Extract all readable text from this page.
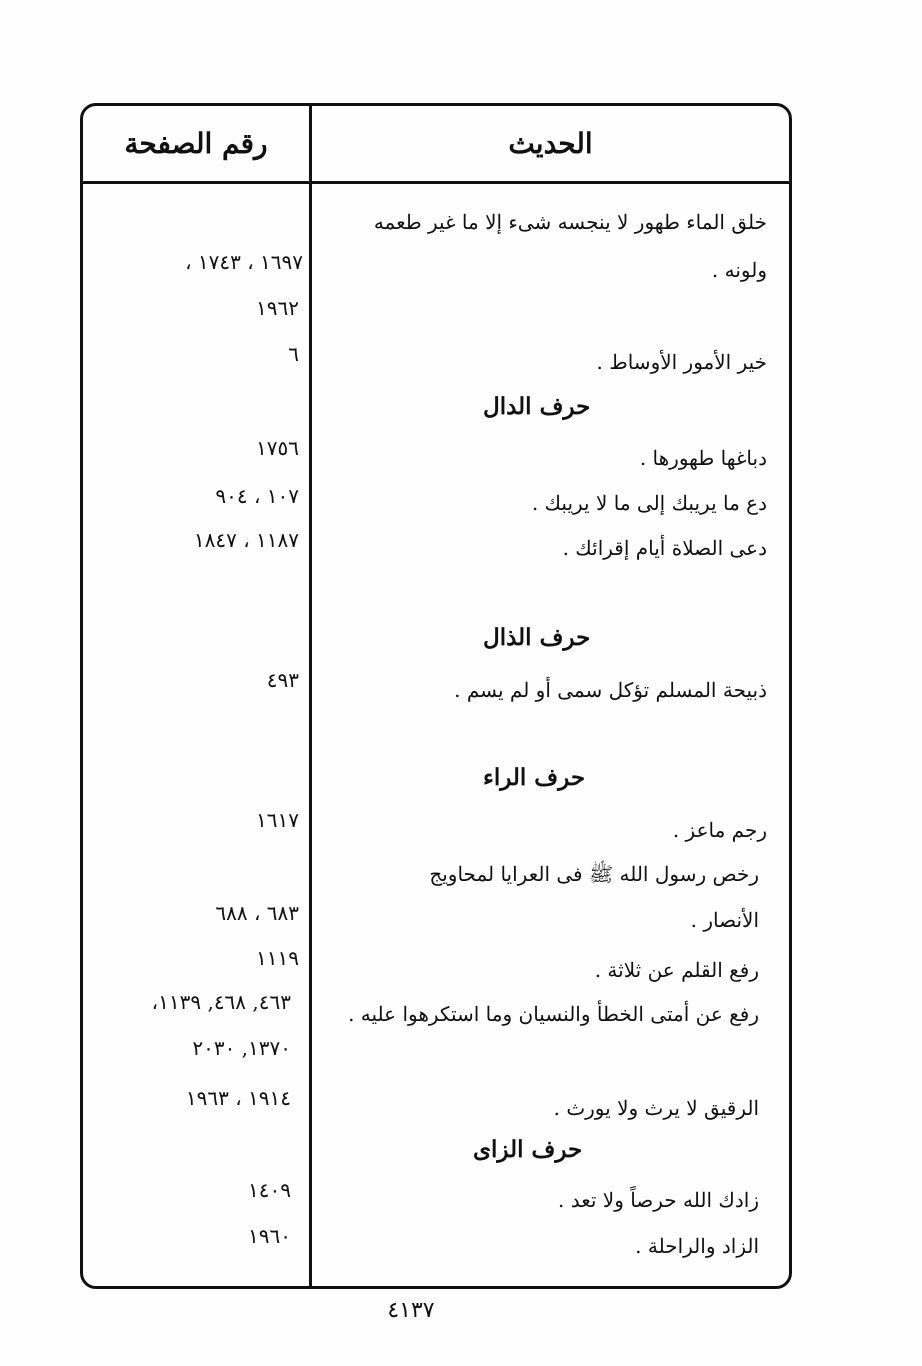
الحديث
رقم الصفحة
خلق الماء طهور لا ينجسه شىء إلا ما غير طعمه
ولونه .
١٦٩٧ ، ١٧٤٣ ،
١٩٦٢
خير الأمور الأوساط .
٦
حرف الدال
دباغها طهورها .
١٧٥٦
دع ما يريبك إلى ما لا يريبك .
١٠٧ ، ٩٠٤
دعى الصلاة أيام إقرائك .
١١٨٧ ، ١٨٤٧
حرف الذال
ذبيحة المسلم تؤكل سمى أو لم يسم .
٤٩٣
حرف الراء
رجم ماعز .
١٦١٧
رخص رسول الله ﷺ فى العرايا لمحاويج
الأنصار .
٦٨٣ ، ٦٨٨
رفع القلم عن ثلاثة .
١١١٩
رفع عن أمتى الخطأ والنسيان وما استكرهوا عليه .
٤٦٣, ٤٦٨, ١١٣٩،
١٣٧٠, ٢٠٣٠
الرقيق لا يرث ولا يورث .
١٩١٤ ، ١٩٦٣
حرف الزاى
زادك الله حرصاً ولا تعد .
١٤٠٩
الزاد والراحلة .
١٩٦٠
٤١٣٧
